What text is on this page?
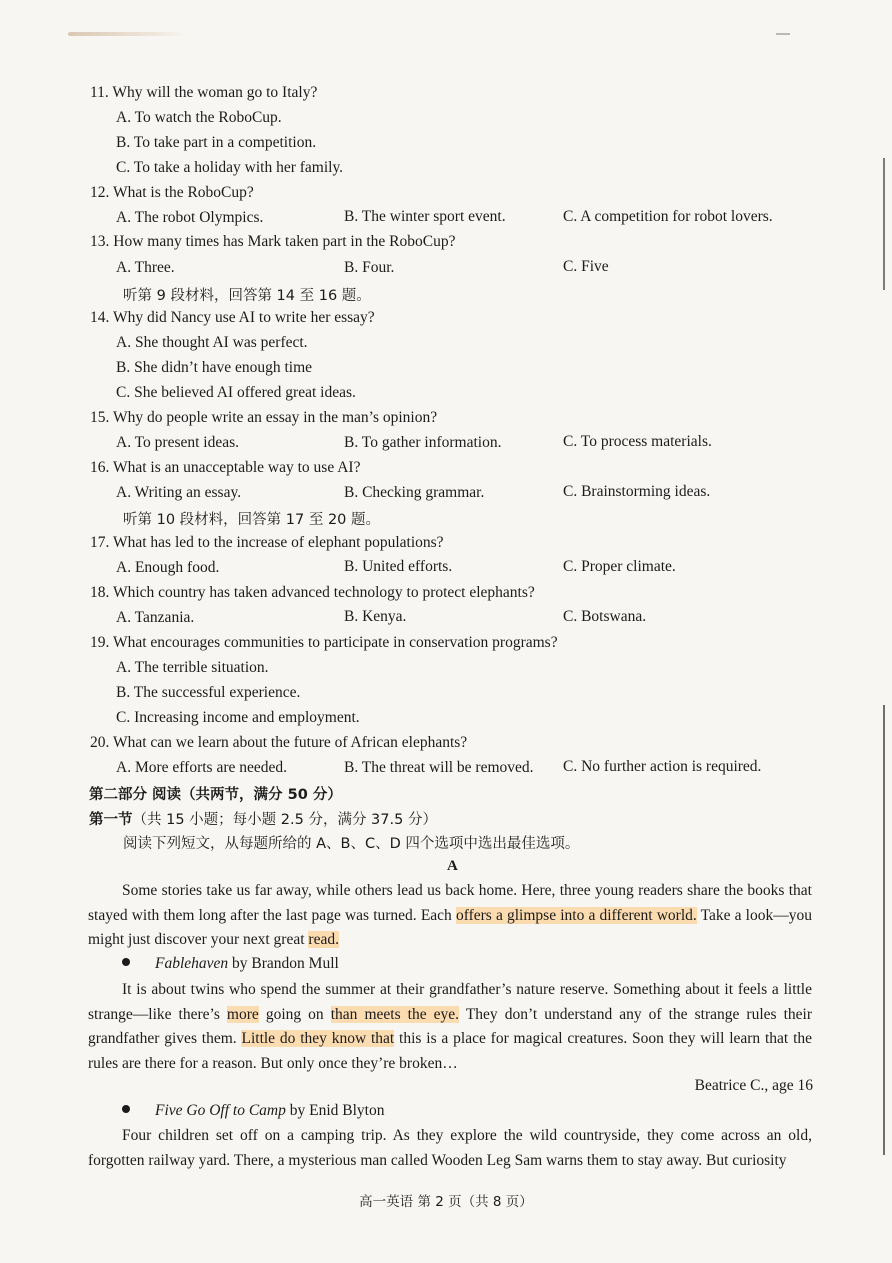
11. Why will the woman go to Italy?
A. To watch the RoboCup.
B. To take part in a competition.
C. To take a holiday with her family.
12. What is the RoboCup?
A. The robot Olympics.	B. The winter sport event.	C. A competition for robot lovers.
13. How many times has Mark taken part in the RoboCup?
A. Three.	B. Four.	C. Five
听第 9 段材料，回答第 14 至 16 题。
14. Why did Nancy use AI to write her essay?
A. She thought AI was perfect.
B. She didn’t have enough time
C. She believed AI offered great ideas.
15. Why do people write an essay in the man’s opinion?
A. To present ideas.	B. To gather information.	C. To process materials.
16. What is an unacceptable way to use AI?
A. Writing an essay.	B. Checking grammar.	C. Brainstorming ideas.
听第 10 段材料，回答第 17 至 20 题。
17. What has led to the increase of elephant populations?
A. Enough food.	B. United efforts.	C. Proper climate.
18. Which country has taken advanced technology to protect elephants?
A. Tanzania.	B. Kenya.	C. Botswana.
19. What encourages communities to participate in conservation programs?
A. The terrible situation.
B. The successful experience.
C. Increasing income and employment.
20. What can we learn about the future of African elephants?
A. More efforts are needed.	B. The threat will be removed. C. No further action is required.
第二部分 阅读（共两节，满分 50 分）
第一节（共 15 小题；每小题 2.5 分，满分 37.5 分）
阅读下列短文，从每题所给的 A、B、C、D 四个选项中选出最佳选项。
A
Some stories take us far away, while others lead us back home. Here, three young readers share the books that stayed with them long after the last page was turned. Each offers a glimpse into a different world. Take a look—you might just discover your next great read.
Fablehaven by Brandon Mull
It is about twins who spend the summer at their grandfather’s nature reserve. Something about it feels a little strange—like there’s more going on than meets the eye. They don’t understand any of the strange rules their grandfather gives them. Little do they know that this is a place for magical creatures. Soon they will learn that the rules are there for a reason. But only once they’re broken…
Beatrice C., age 16
Five Go Off to Camp by Enid Blyton
Four children set off on a camping trip. As they explore the wild countryside, they come across an old, forgotten railway yard. There, a mysterious man called Wooden Leg Sam warns them to stay away. But curiosity
高一英语 第 2 页（共 8 页）
